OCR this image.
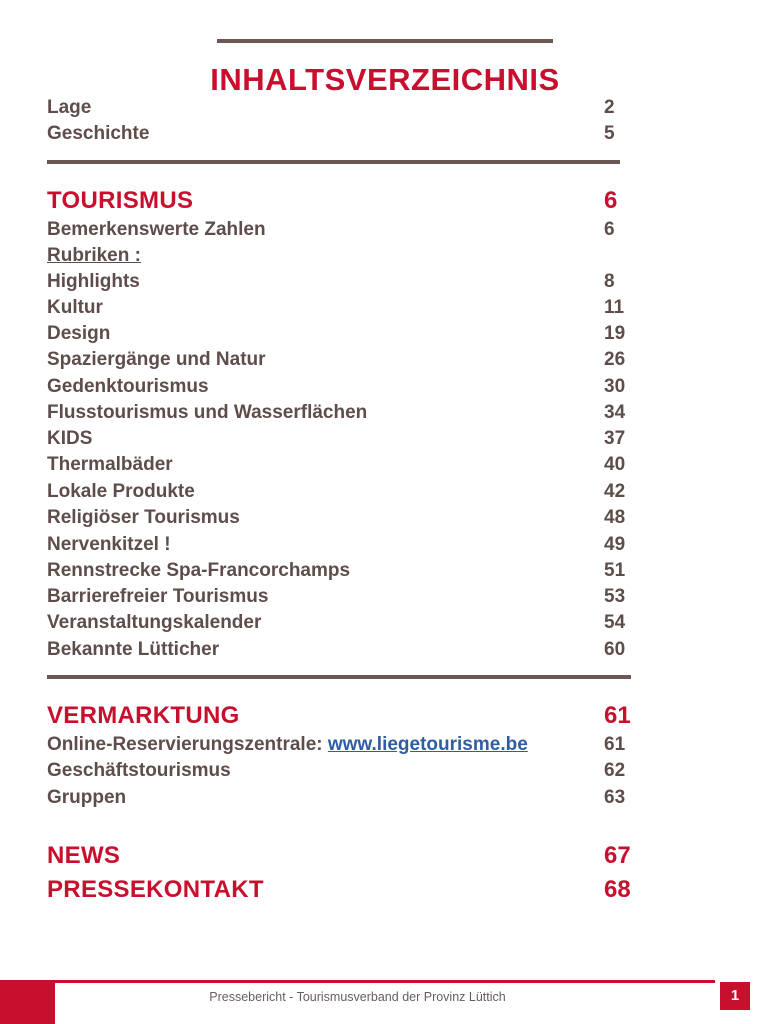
INHALTSVERZEICHNIS
Lage	2
Geschichte	5
TOURISMUS	6
Bemerkenswerte Zahlen	6
Rubriken :
Highlights	8
Kultur	11
Design	19
Spaziergänge und Natur	26
Gedenktourismus	30
Flusstourismus und Wasserflächen	34
KIDS	37
Thermalbäder	40
Lokale Produkte	42
Religiöser Tourismus	48
Nervenkitzel !	49
Rennstrecke Spa-Francorchamps	51
Barrierefreier Tourismus	53
Veranstaltungskalender	54
Bekannte Lütticher	60
VERMARKTUNG	61
Online-Reservierungszentrale: www.liegetourisme.be	61
Geschäftstourismus	62
Gruppen	63
NEWS	67
PRESSEKONTAKT	68
Pressebericht - Tourismusverband der Provinz Lüttich	1
